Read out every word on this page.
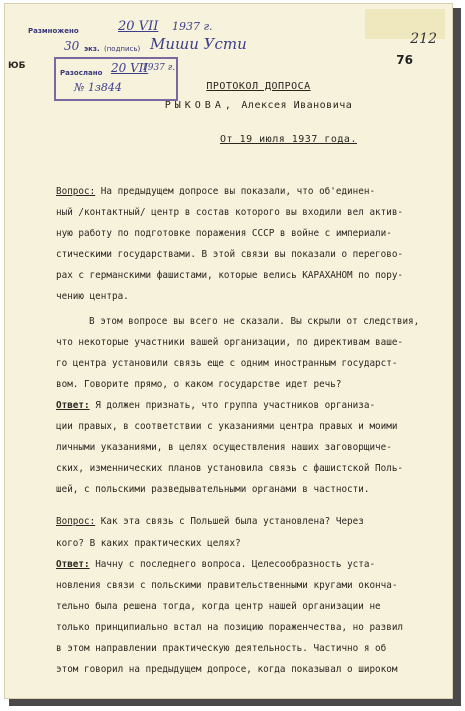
Размножено	20 VII 1937 г.
30 экз. (подпись) Миши Усти
ЮБ
212
76
Разослано 20 VII
1937 г.
№ 1з844	ПРОТОКОЛ ДОПРОСА
РЫКОВА, Алексея Ивановича
От 19 июля 1937 года.
Вопрос: На предыдущем допросе вы показали, что об'единен-
ный /контактный/ центр в состав которого вы входили вел актив-
ную работу по подготовке поражения СССР в войне с империали-
стическими государствами. В этой связи вы показали о перегово-
рах с германскими фашистами, которые велись КАРАХАНОМ по пору-
чению центра.
В этом вопросе вы всего не сказали. Вы скрыли от следствия,
что некоторые участники вашей организации, по директивам ваше-
го центра установили связь еще с одним иностранным государст-
вом. Говорите прямо, о каком государстве идет речь?
Ответ: Я должен признать, что группа участников организа-
ции правых, в соответствии с указаниями центра правых и моими
личными указаниями, в целях осуществления наших заговорщиче-
ских, изменнических планов установила связь с фашистской Поль-
шей, с польскими разведывательными органами в частности.
Вопрос: Как эта связь с Польшей была установлена? Через
кого? В каких практических целях?
Ответ: Начну с последнего вопроса. Целесообразность уста-
новления связи с польскими правительственными кругами оконча-
тельно была решена тогда, когда центр нашей организации не
только принципиально встал на позицию пораженчества, но развил
в этом направлении практическую деятельность. Частично я об
этом говорил на предыдущем допросе, когда показывал о широком
